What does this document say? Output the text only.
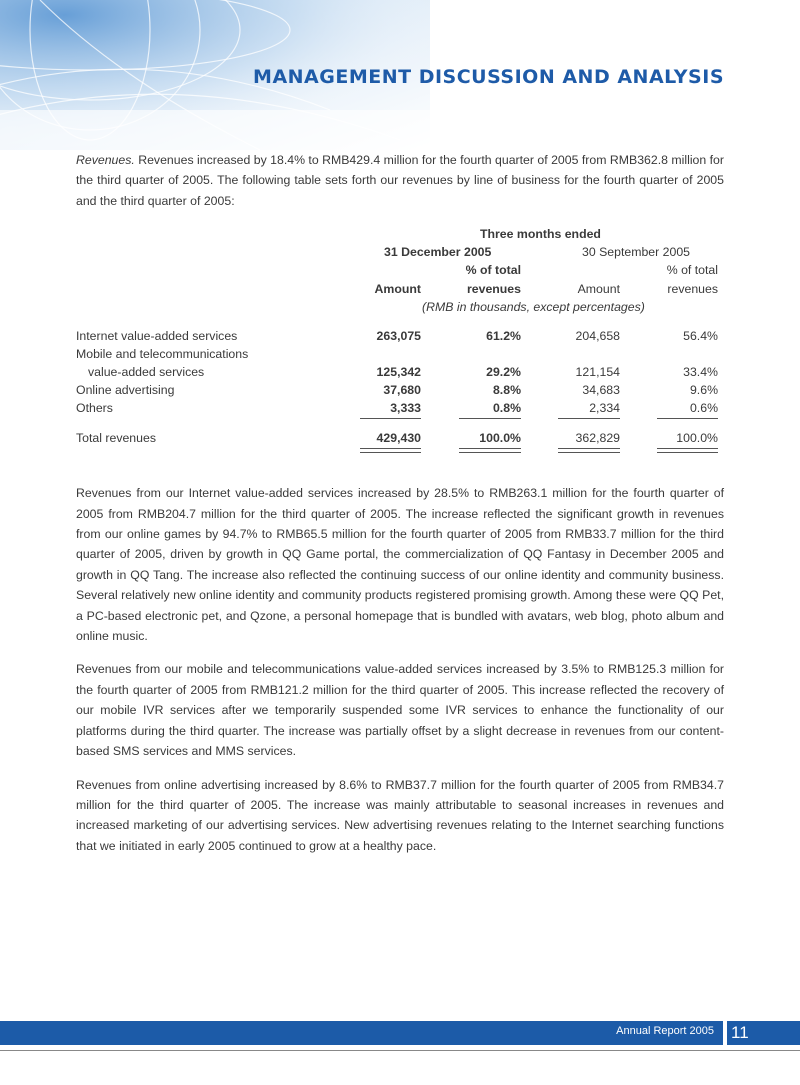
MANAGEMENT DISCUSSION AND ANALYSIS

Revenues. Revenues increased by 18.4% to RMB429.4 million for the fourth quarter of 2005 from RMB362.8 million for the third quarter of 2005. The following table sets forth our revenues by line of business for the fourth quarter of 2005 and the third quarter of 2005:

Three months ended
31 December 2005	30 September 2005
% of total	% of total
Amount	revenues	Amount	revenues
(RMB in thousands, except percentages)
Internet value-added services	263,075	61.2%	204,658	56.4%
Mobile and telecommunications
value-added services	125,342	29.2%	121,154	33.4%
Online advertising	37,680	8.8%	34,683	9.6%
Others	3,333	0.8%	2,334	0.6%
Total revenues	429,430	100.0%	362,829	100.0%

Revenues from our Internet value-added services increased by 28.5% to RMB263.1 million for the fourth quarter of 2005 from RMB204.7 million for the third quarter of 2005. The increase reflected the significant growth in revenues from our online games by 94.7% to RMB65.5 million for the fourth quarter of 2005 from RMB33.7 million for the third quarter of 2005, driven by growth in QQ Game portal, the commercialization of QQ Fantasy in December 2005 and growth in QQ Tang. The increase also reflected the continuing success of our online identity and community business. Several relatively new online identity and community products registered promising growth. Among these were QQ Pet, a PC-based electronic pet, and Qzone, a personal homepage that is bundled with avatars, web blog, photo album and online music.

Revenues from our mobile and telecommunications value-added services increased by 3.5% to RMB125.3 million for the fourth quarter of 2005 from RMB121.2 million for the third quarter of 2005. This increase reflected the recovery of our mobile IVR services after we temporarily suspended some IVR services to enhance the functionality of our platforms during the third quarter. The increase was partially offset by a slight decrease in revenues from our content-based SMS services and MMS services.

Revenues from online advertising increased by 8.6% to RMB37.7 million for the fourth quarter of 2005 from RMB34.7 million for the third quarter of 2005. The increase was mainly attributable to seasonal increases in revenues and increased marketing of our advertising services. New advertising revenues relating to the Internet searching functions that we initiated in early 2005 continued to grow at a healthy pace.

Annual Report 2005 11
